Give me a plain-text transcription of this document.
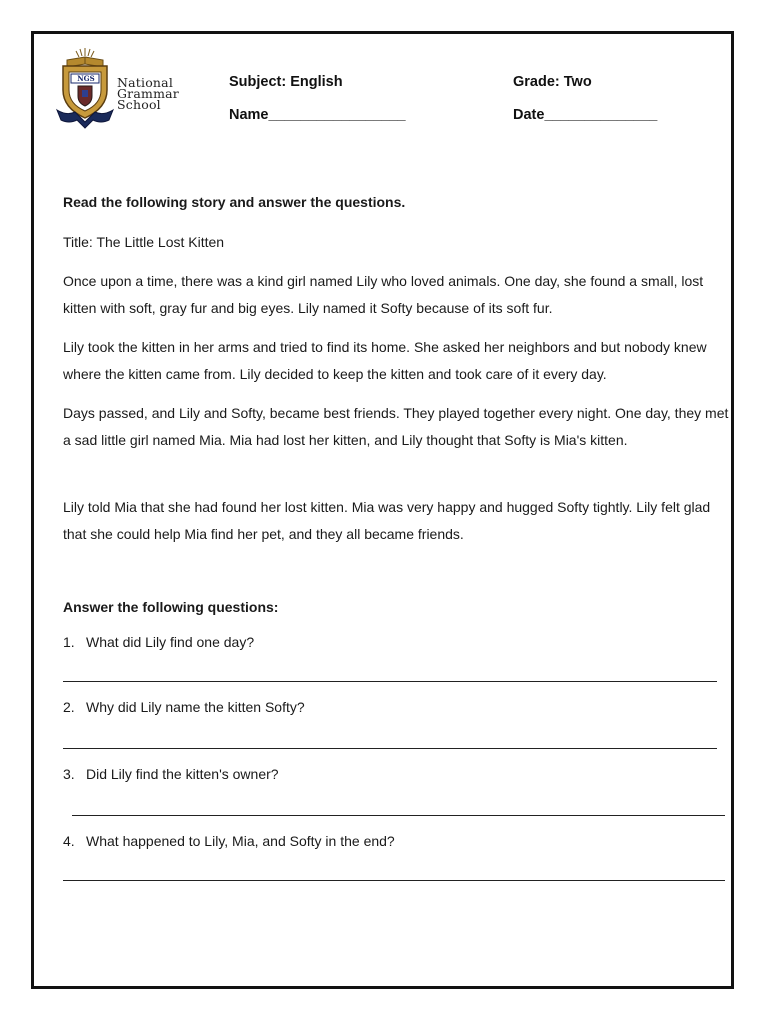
NGS	National
Grammar
School
Subject: English	Grade: Two
Name_________________	Date______________
Read the following story and answer the questions.
Title: The Little Lost Kitten
Once upon a time, there was a kind girl named Lily who loved animals. One day, she found a small, lost kitten with soft, gray fur and big eyes. Lily named it Softy because of its soft fur.
Lily took the kitten in her arms and tried to find its home. She asked her neighbors and but nobody knew where the kitten came from. Lily decided to keep the kitten and took care of it every day.
Days passed, and Lily and Softy, became best friends. They played together every night. One day, they met a sad little girl named Mia. Mia had lost her kitten, and Lily thought that Softy is Mia's kitten.
Lily told Mia that she had found her lost kitten. Mia was very happy and hugged Softy tightly. Lily felt glad that she could help Mia find her pet, and they all became friends.
Answer the following questions:
1. What did Lily find one day?
2. Why did Lily name the kitten Softy?
3. Did Lily find the kitten's owner?
4. What happened to Lily, Mia, and Softy in the end?
